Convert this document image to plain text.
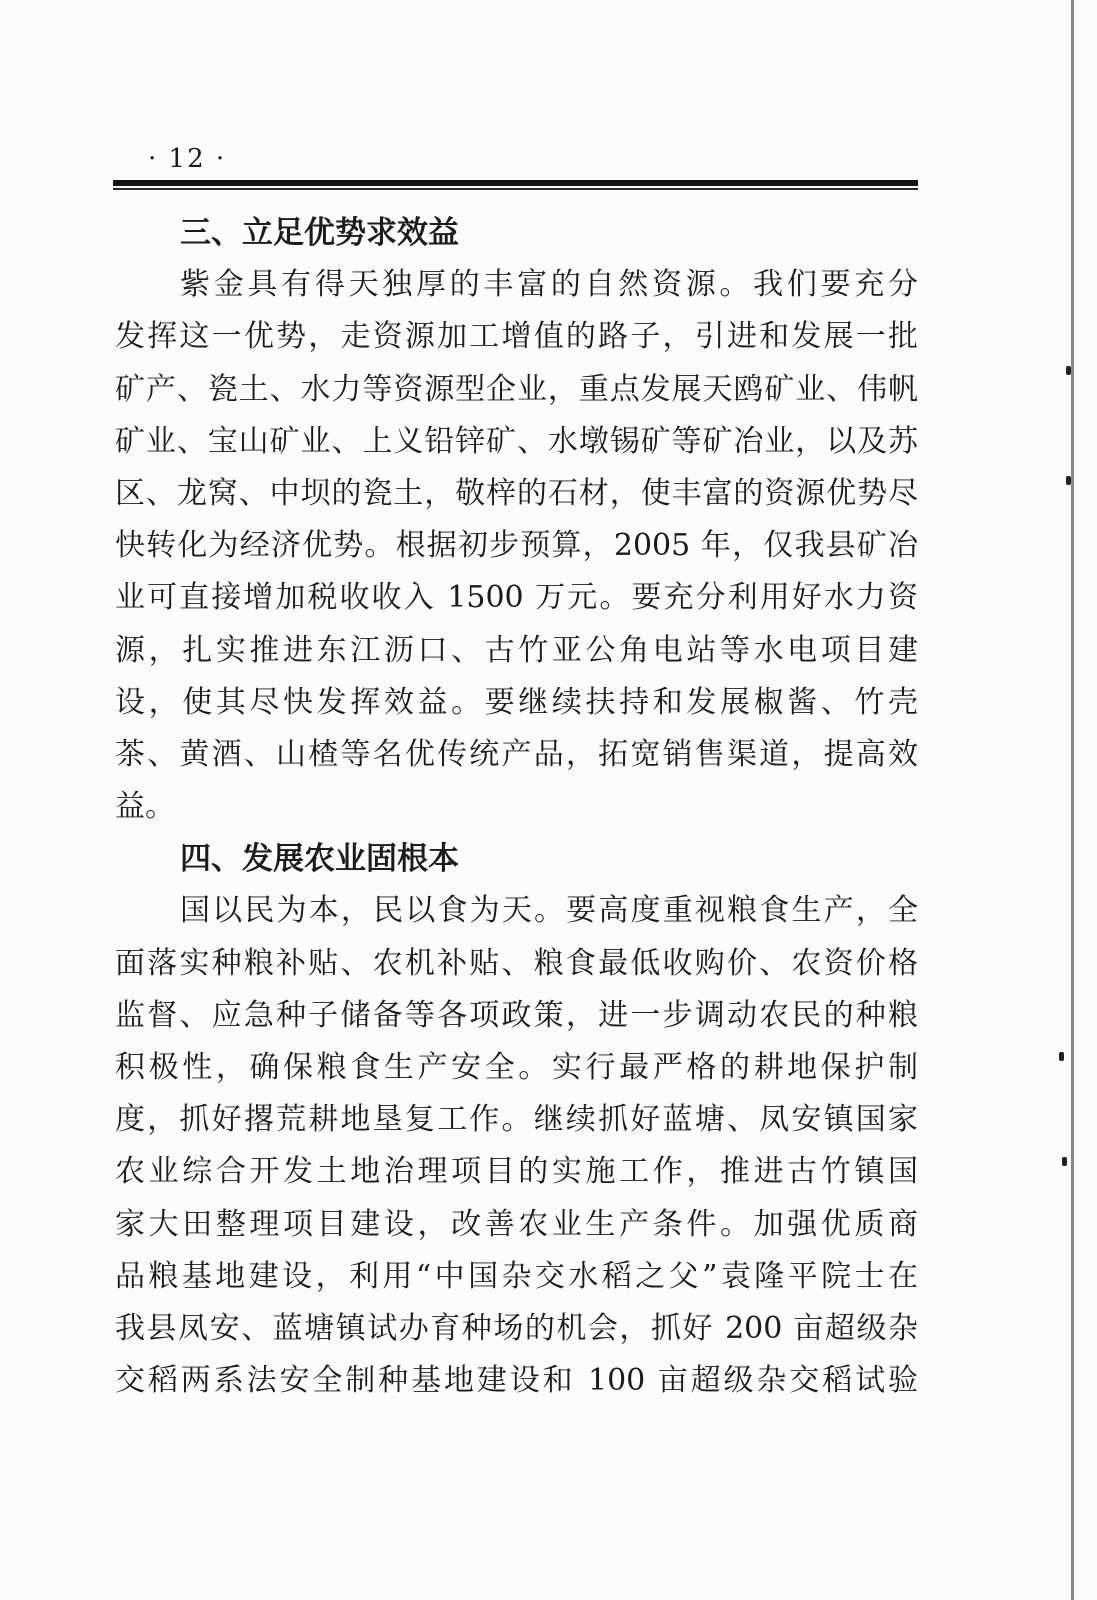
· 12 ·
三、立足优势求效益
紫金具有得天独厚的丰富的自然资源。我们要充分
发挥这一优势，走资源加工增值的路子，引进和发展一批
矿产、瓷土、水力等资源型企业，重点发展天鸥矿业、伟帆
矿业、宝山矿业、上义铅锌矿、水墩锡矿等矿冶业，以及苏
区、龙窝、中坝的瓷土，敬梓的石材，使丰富的资源优势尽
快转化为经济优势。根据初步预算，2005 年，仅我县矿冶
业可直接增加税收收入 1500 万元。要充分利用好水力资
源，扎实推进东江沥口、古竹亚公角电站等水电项目建
设，使其尽快发挥效益。要继续扶持和发展椒酱、竹壳
茶、黄酒、山楂等名优传统产品，拓宽销售渠道，提高效
益。
四、发展农业固根本
国以民为本，民以食为天。要高度重视粮食生产，全
面落实种粮补贴、农机补贴、粮食最低收购价、农资价格
监督、应急种子储备等各项政策，进一步调动农民的种粮
积极性，确保粮食生产安全。实行最严格的耕地保护制
度，抓好撂荒耕地垦复工作。继续抓好蓝塘、凤安镇国家
农业综合开发土地治理项目的实施工作，推进古竹镇国
家大田整理项目建设，改善农业生产条件。加强优质商
品粮基地建设，利用“中国杂交水稻之父”袁隆平院士在
我县凤安、蓝塘镇试办育种场的机会，抓好 200 亩超级杂
交稻两系法安全制种基地建设和 100 亩超级杂交稻试验
